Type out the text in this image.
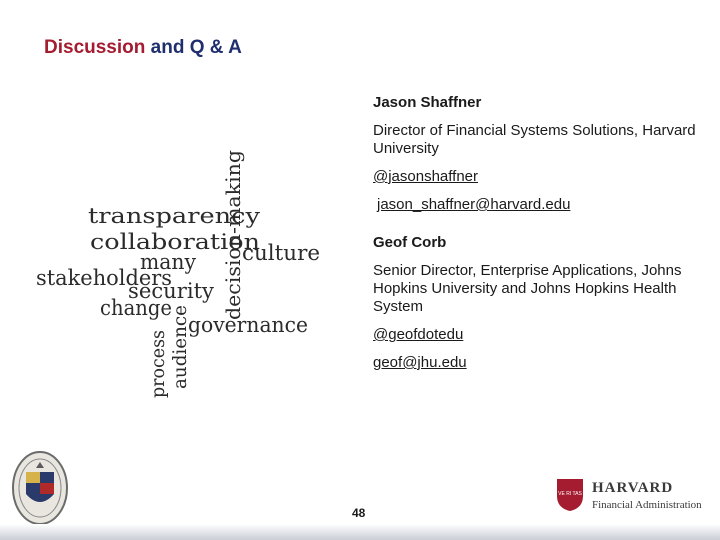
Discussion and Q & A
transparency
collaboration
culture
many
stakeholders
security
change
governance
decision-making
process audience
Jason Shaffner
Director of Financial Systems Solutions, Harvard University
@jasonshaffner
jason_shaffner@harvard.edu
Geof Corb
Senior Director, Enterprise Applications, Johns Hopkins University and Johns Hopkins Health System
@geofdotedu
geof@jhu.edu
48
VE RI TAS HARVARD
Financial Administration
